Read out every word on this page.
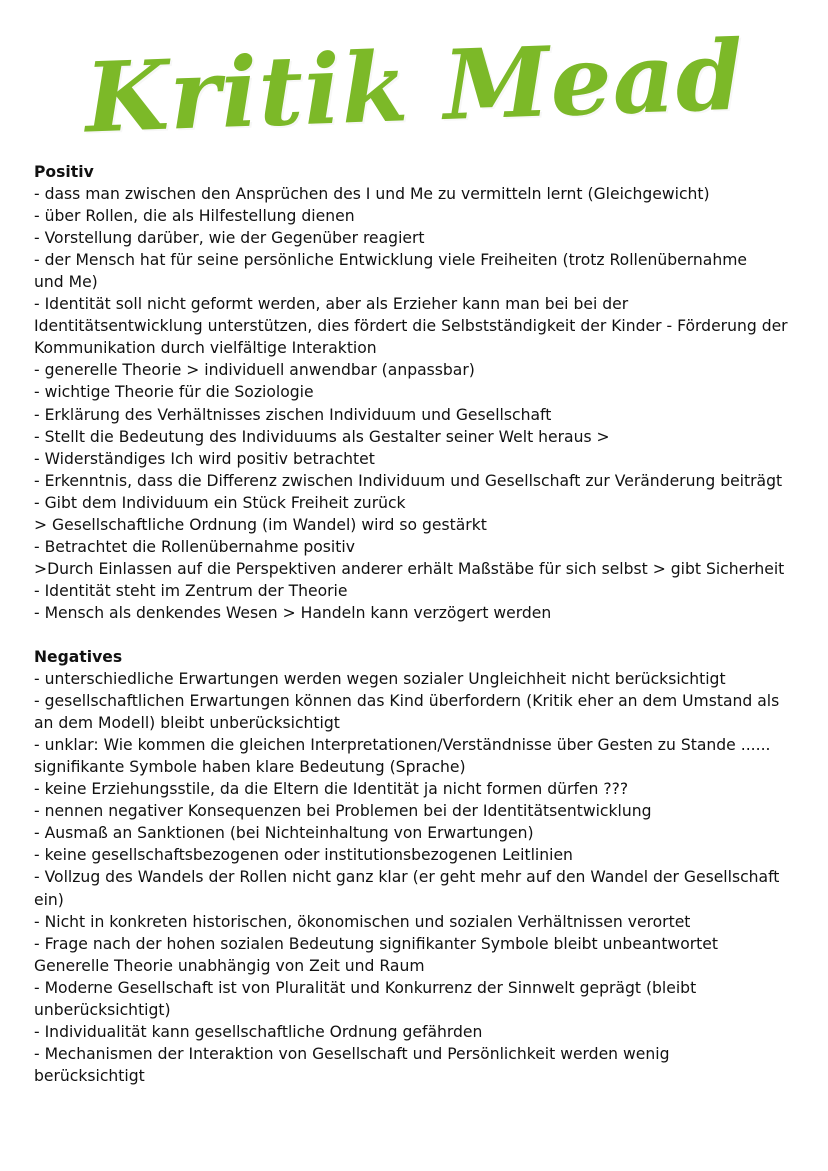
Kritik Mead

Positiv

- dass man zwischen den Ansprüchen des I und Me zu vermitteln lernt (Gleichgewicht)
- über Rollen, die als Hilfestellung dienen
- Vorstellung darüber, wie der Gegenüber reagiert
- der Mensch hat für seine persönliche Entwicklung viele Freiheiten (trotz Rollenübernahme
und Me)
- Identität soll nicht geformt werden, aber als Erzieher kann man bei bei der
Identitätsentwicklung unterstützen, dies fördert die Selbstständigkeit der Kinder - Förderung der
Kommunikation durch vielfältige Interaktion
- generelle Theorie > individuell anwendbar (anpassbar)
- wichtige Theorie für die Soziologie
- Erklärung des Verhältnisses zischen Individuum und Gesellschaft
- Stellt die Bedeutung des Individuums als Gestalter seiner Welt heraus >
- Widerständiges Ich wird positiv betrachtet
- Erkenntnis, dass die Differenz zwischen Individuum und Gesellschaft zur Veränderung beiträgt
- Gibt dem Individuum ein Stück Freiheit zurück
> Gesellschaftliche Ordnung (im Wandel) wird so gestärkt
- Betrachtet die Rollenübernahme positiv
>Durch Einlassen auf die Perspektiven anderer erhält Maßstäbe für sich selbst > gibt Sicherheit
- Identität steht im Zentrum der Theorie
- Mensch als denkendes Wesen > Handeln kann verzögert werden

Negatives

- unterschiedliche Erwartungen werden wegen sozialer Ungleichheit nicht berücksichtigt
- gesellschaftlichen Erwartungen können das Kind überfordern (Kritik eher an dem Umstand als
an dem Modell) bleibt unberücksichtigt
- unklar: Wie kommen die gleichen Interpretationen/Verständnisse über Gesten zu Stande ......
signifikante Symbole haben klare Bedeutung (Sprache)
- keine Erziehungsstile, da die Eltern die Identität ja nicht formen dürfen ???
- nennen negativer Konsequenzen bei Problemen bei der Identitätsentwicklung
- Ausmaß an Sanktionen (bei Nichteinhaltung von Erwartungen)
- keine gesellschaftsbezogenen oder institutionsbezogenen Leitlinien
- Vollzug des Wandels der Rollen nicht ganz klar (er geht mehr auf den Wandel der Gesellschaft
ein)
- Nicht in konkreten historischen, ökonomischen und sozialen Verhältnissen verortet
- Frage nach der hohen sozialen Bedeutung signifikanter Symbole bleibt unbeantwortet
Generelle Theorie unabhängig von Zeit und Raum
- Moderne Gesellschaft ist von Pluralität und Konkurrenz der Sinnwelt geprägt (bleibt
unberücksichtigt)
- Individualität kann gesellschaftliche Ordnung gefährden
- Mechanismen der Interaktion von Gesellschaft und Persönlichkeit werden wenig
berücksichtigt
